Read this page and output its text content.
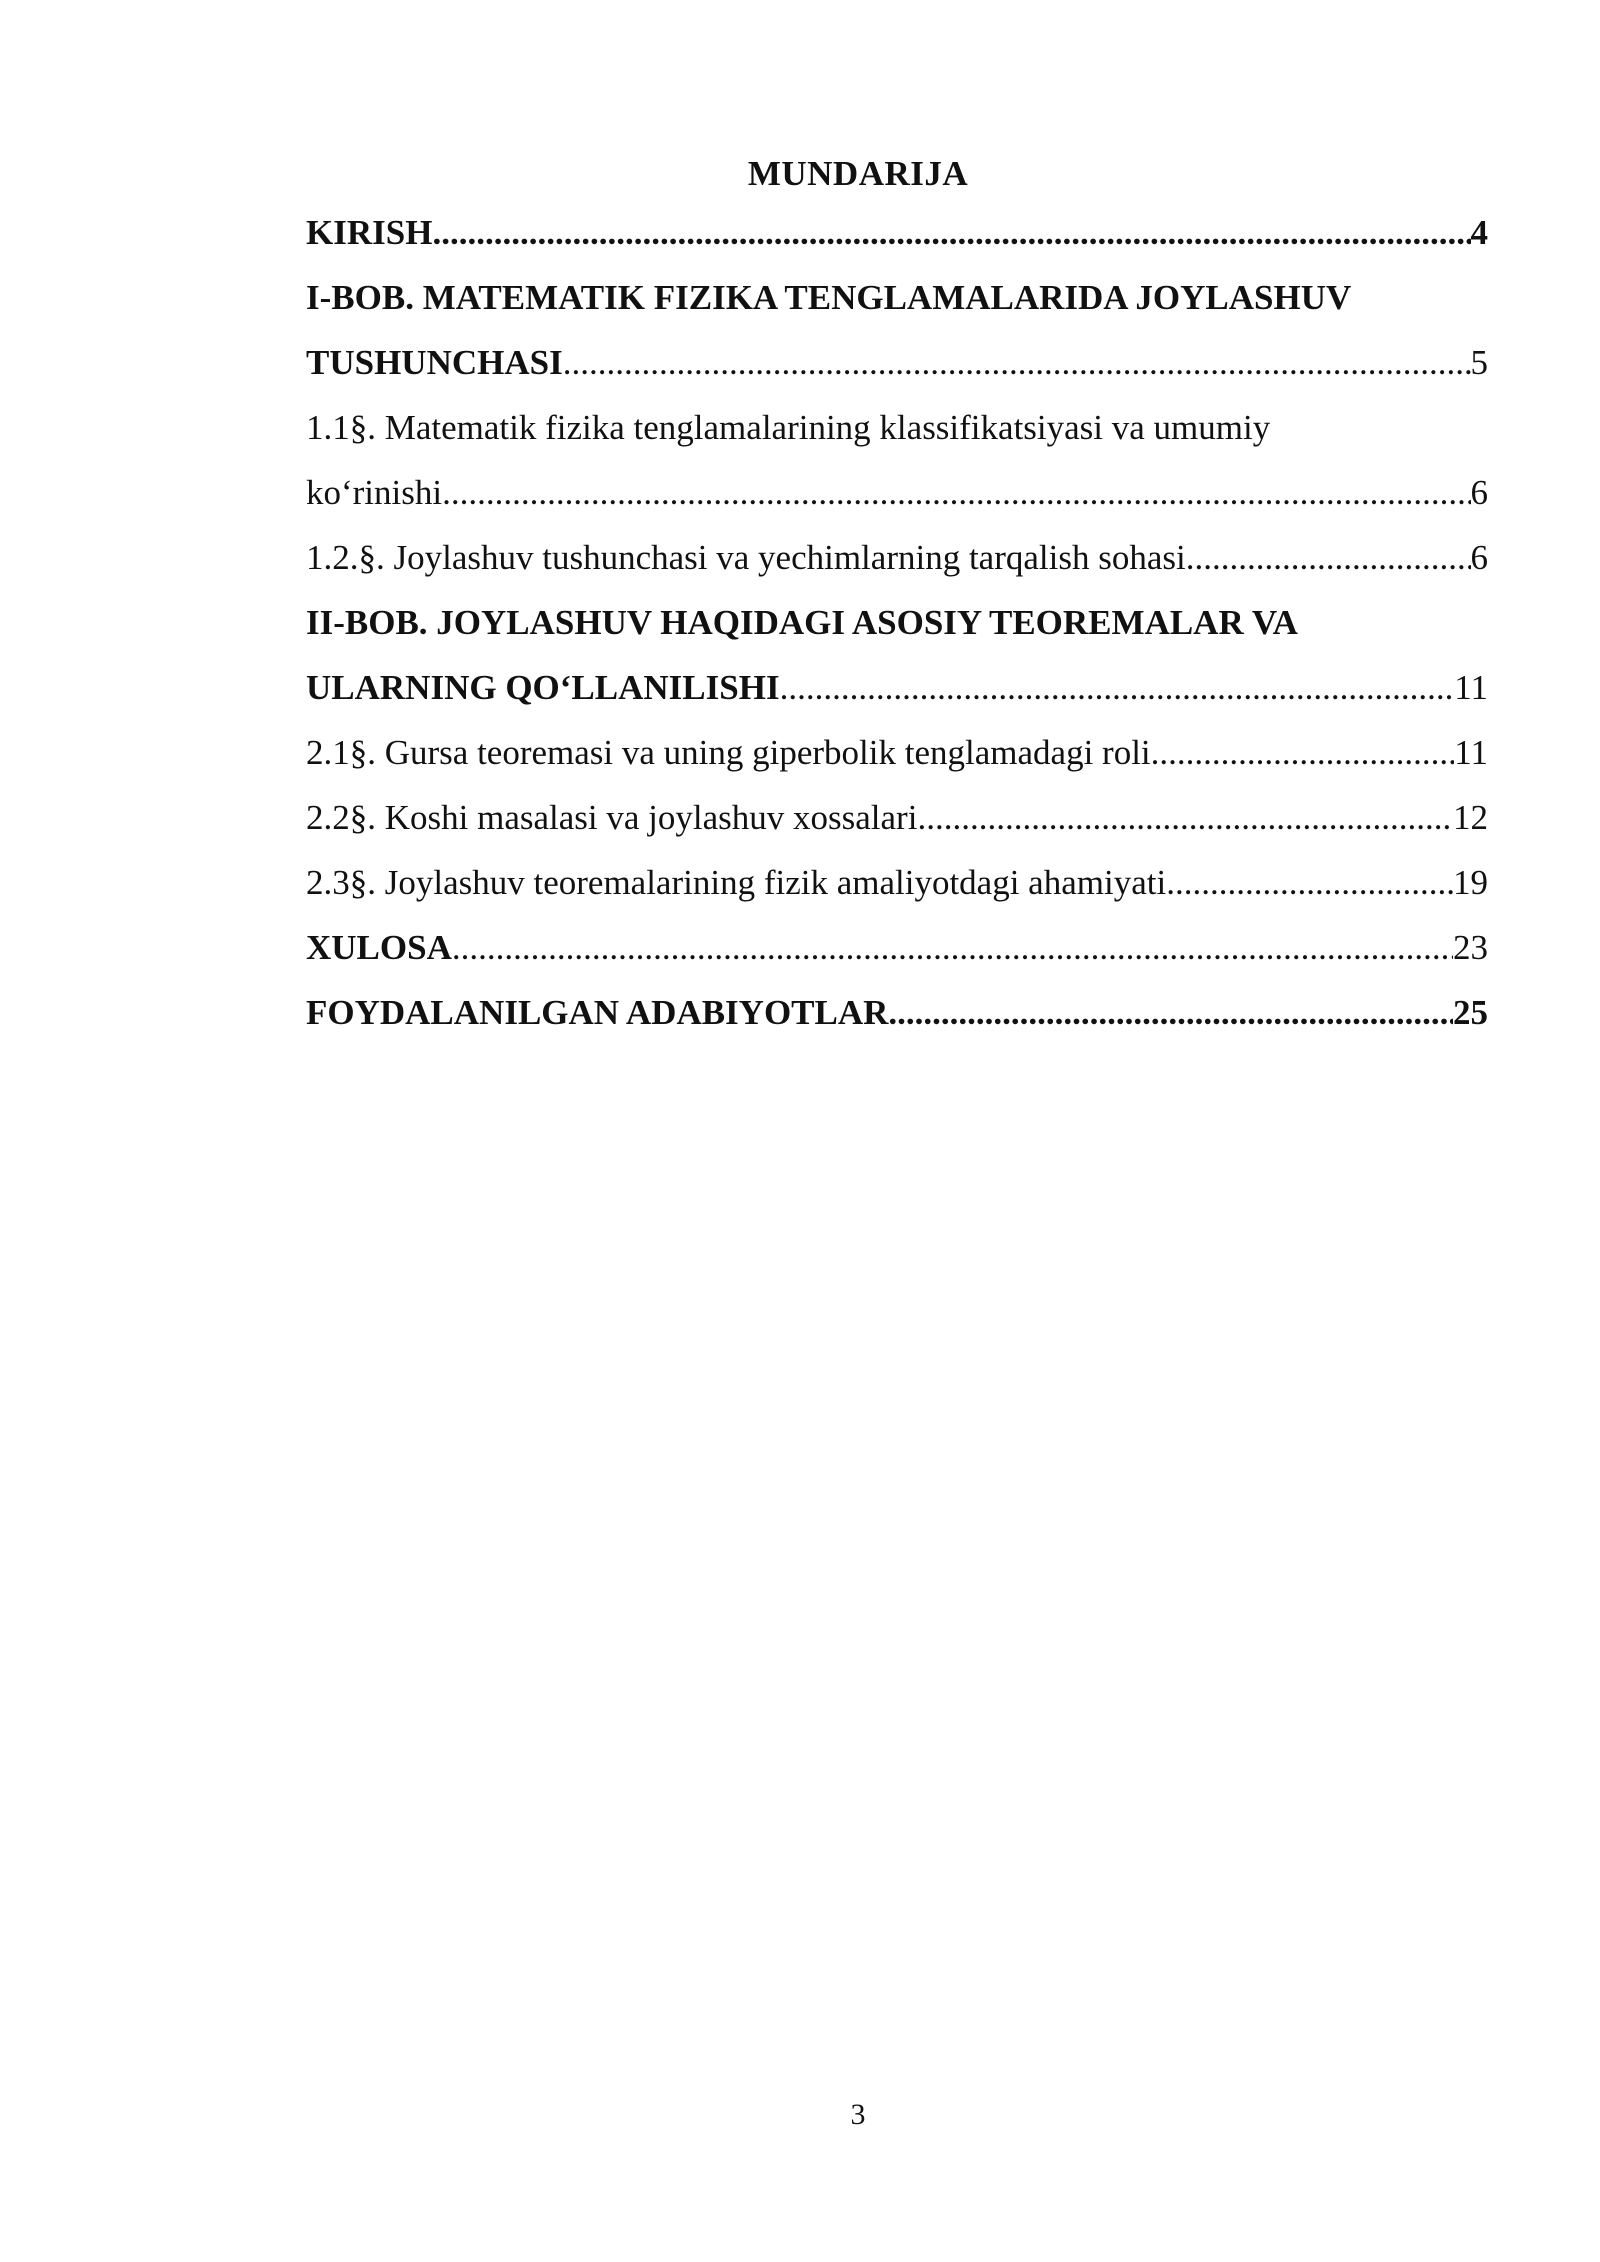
MUNDARIJA
KIRISH .....	4
I-BOB. MATEMATIK FIZIKA TENGLAMALARIDA JOYLASHUV
TUSHUNCHASI .....	5
1.1§. Matematik fizika tenglamalarining klassifikatsiyasi va umumiy
ko‘rinishi .....	6
1.2.§. Joylashuv tushunchasi va yechimlarning tarqalish sohasi .....	6
II-BOB. JOYLASHUV HAQIDAGI ASOSIY TEOREMALAR VA
ULARNING QO‘LLANILISHI .....	11
2.1§. Gursa teoremasi va uning giperbolik tenglamadagi roli .....	11
2.2§. Koshi masalasi va joylashuv xossalari .....	12
2.3§. Joylashuv teoremalarining fizik amaliyotdagi ahamiyati .....	19
XULOSA .....	23
FOYDALANILGAN ADABIYOTLAR .....	25
3
